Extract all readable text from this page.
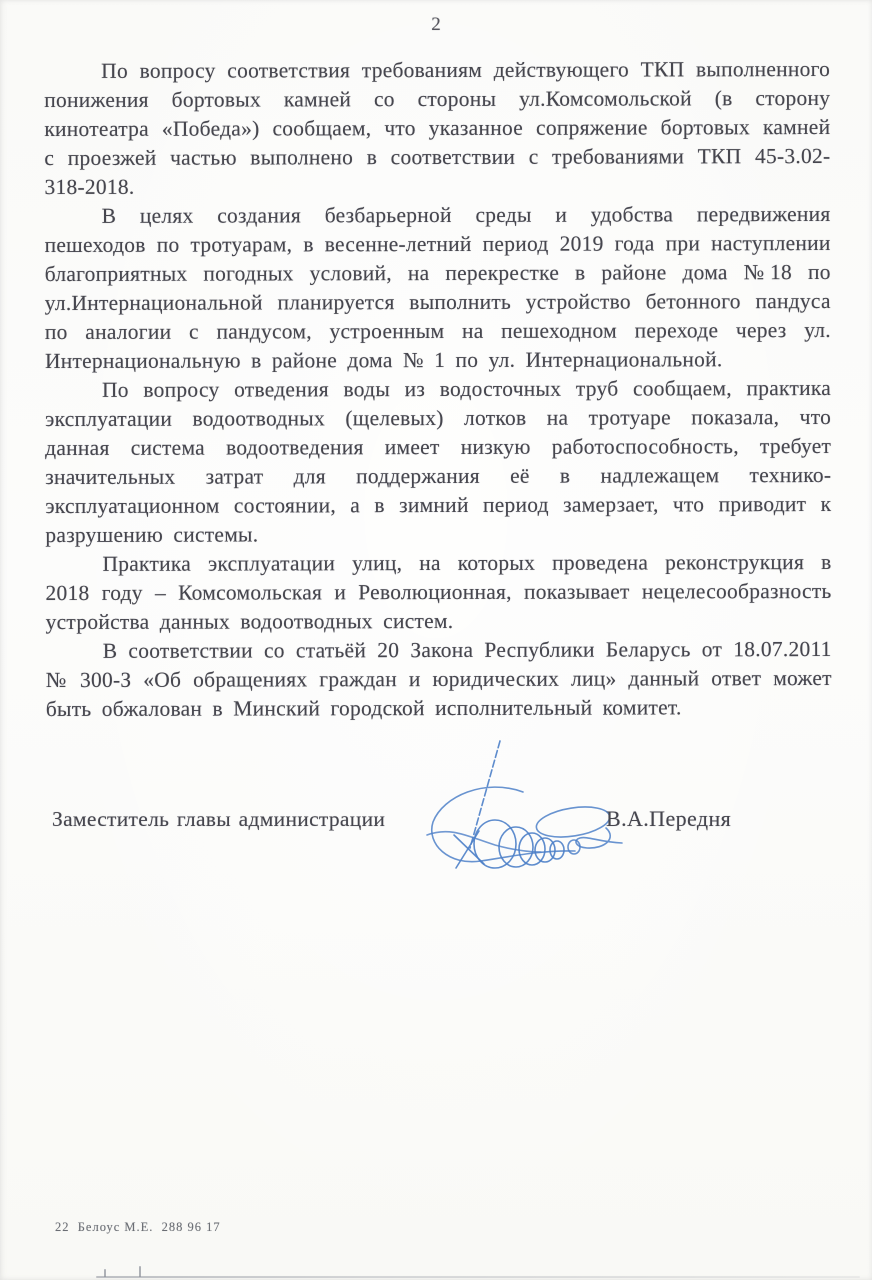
2

По вопросу соответствия требованиям действующего ТКП выполненного понижения бортовых камней со стороны ул.Комсомольской (в сторону кинотеатра «Победа») сообщаем, что указанное сопряжение бортовых камней с проезжей частью выполнено в соответствии с требованиями ТКП 45-3.02-318-2018.

В целях создания безбарьерной среды и удобства передвижения пешеходов по тротуарам, в весенне-летний период 2019 года при наступлении благоприятных погодных условий, на перекрестке в районе дома №18 по ул.Интернациональной планируется выполнить устройство бетонного пандуса по аналогии с пандусом, устроенным на пешеходном переходе через ул. Интернациональную в районе дома № 1 по ул. Интернациональной.

По вопросу отведения воды из водосточных труб сообщаем, практика эксплуатации водоотводных (щелевых) лотков на тротуаре показала, что данная система водоотведения имеет низкую работоспособность, требует значительных затрат для поддержания её в надлежащем технико-эксплуатационном состоянии, а в зимний период замерзает, что приводит к разрушению системы.

Практика эксплуатации улиц, на которых проведена реконструкция в 2018 году – Комсомольская и Революционная, показывает нецелесообразность устройства данных водоотводных систем.

В соответствии со статьёй 20 Закона Республики Беларусь от 18.07.2011 № 300-З «Об обращениях граждан и юридических лиц» данный ответ может быть обжалован в Минский городской исполнительный комитет.

Заместитель главы администрации	В.А.Передня
22  Белоус М.Е.  288 96 17
